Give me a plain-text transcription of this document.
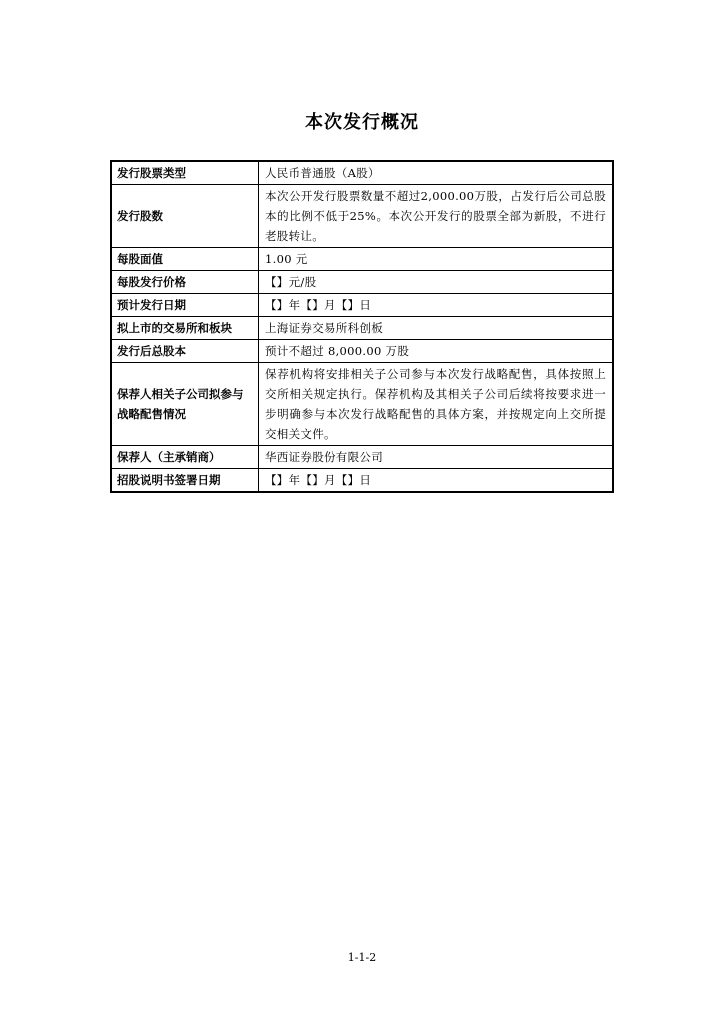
本次发行概况
发行股票类型	人民币普通股（A股）
发行股数	本次公开发行股票数量不超过2,000.00万股，占发行后公司总股本的比例不低于25%。本次公开发行的股票全部为新股，不进行老股转让。
每股面值	1.00 元
每股发行价格	【】元/股
预计发行日期	【】年【】月【】日
拟上市的交易所和板块	上海证券交易所科创板
发行后总股本	预计不超过 8,000.00 万股
保荐人相关子公司拟参与战略配售情况	保荐机构将安排相关子公司参与本次发行战略配售，具体按照上交所相关规定执行。保荐机构及其相关子公司后续将按要求进一步明确参与本次发行战略配售的具体方案，并按规定向上交所提交相关文件。
保荐人（主承销商）	华西证券股份有限公司
招股说明书签署日期	【】年【】月【】日
1-1-2
